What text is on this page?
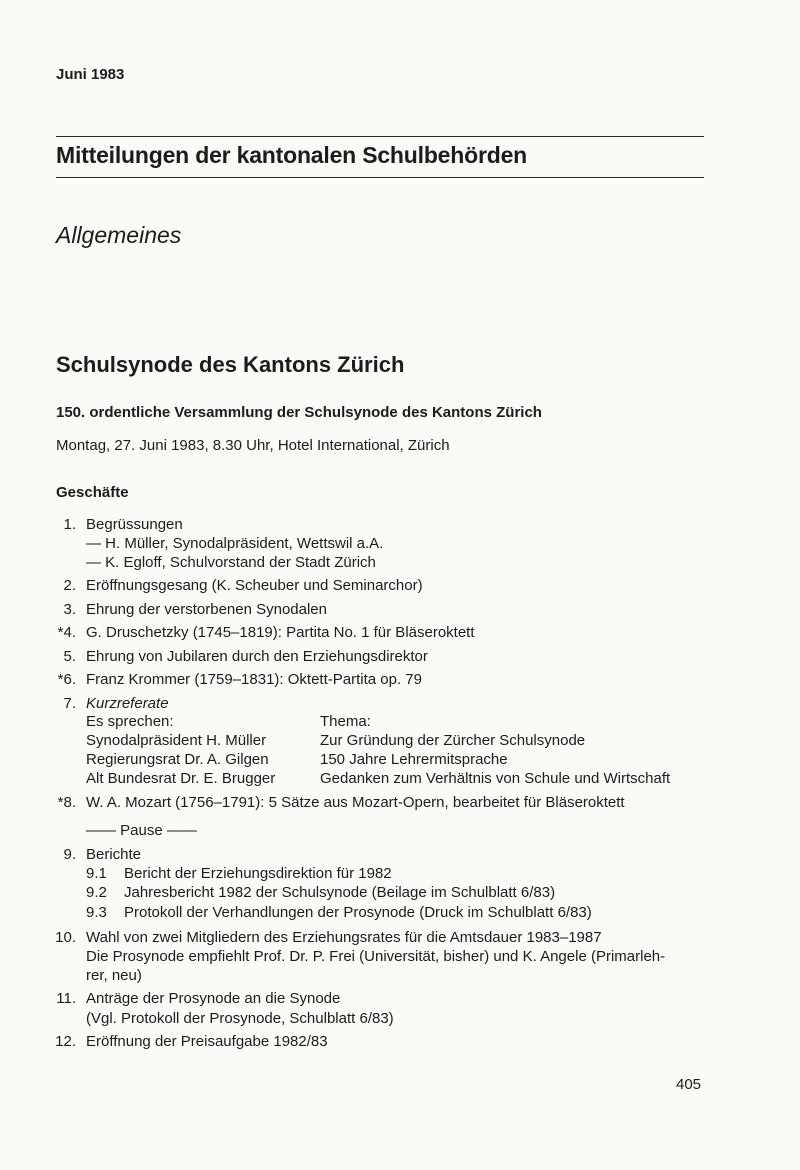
Juni 1983
Mitteilungen der kantonalen Schulbehörden
Allgemeines
Schulsynode des Kantons Zürich
150. ordentliche Versammlung der Schulsynode des Kantons Zürich
Montag, 27. Juni 1983, 8.30 Uhr, Hotel International, Zürich
Geschäfte
1. Begrüssungen
— H. Müller, Synodalpräsident, Wettswil a.A.
— K. Egloff, Schulvorstand der Stadt Zürich
2. Eröffnungsgesang (K. Scheuber und Seminarchor)
3. Ehrung der verstorbenen Synodalen
*4. G. Druschetzky (1745–1819): Partita No. 1 für Bläseroktett
5. Ehrung von Jubilaren durch den Erziehungsdirektor
*6. Franz Krommer (1759–1831): Oktett-Partita op. 79
7. Kurzreferate
Es sprechen:	Thema:
Synodalpräsident H. Müller	Zur Gründung der Zürcher Schulsynode
Regierungsrat Dr. A. Gilgen	150 Jahre Lehrermitsprache
Alt Bundesrat Dr. E. Brugger	Gedanken zum Verhältnis von Schule und Wirtschaft
*8. W. A. Mozart (1756–1791): 5 Sätze aus Mozart-Opern, bearbeitet für Bläseroktett
—— Pause ——
9. Berichte
9.1 Bericht der Erziehungsdirektion für 1982
9.2 Jahresbericht 1982 der Schulsynode (Beilage im Schulblatt 6/83)
9.3 Protokoll der Verhandlungen der Prosynode (Druck im Schulblatt 6/83)
10. Wahl von zwei Mitgliedern des Erziehungsrates für die Amtsdauer 1983–1987
Die Prosynode empfiehlt Prof. Dr. P. Frei (Universität, bisher) und K. Angele (Primarleh-
rer, neu)
11. Anträge der Prosynode an die Synode
(Vgl. Protokoll der Prosynode, Schulblatt 6/83)
12. Eröffnung der Preisaufgabe 1982/83
405
